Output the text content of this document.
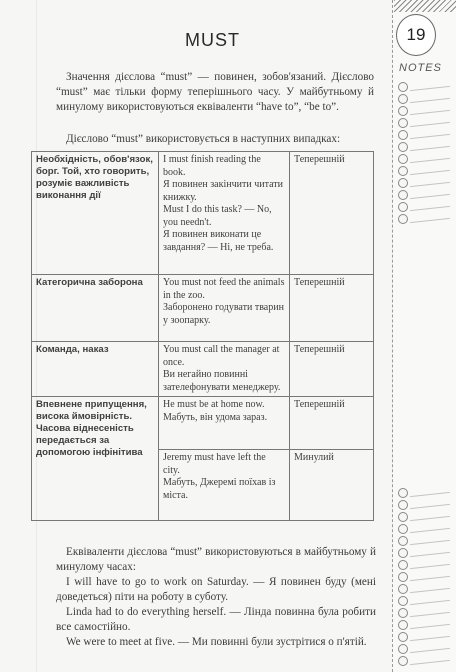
MUST
Значення дієслова “must” — повинен, зобов'язаний. Дієслово “must” має тільки форму теперішнього часу. У майбутньому й минулому використовуються еквіваленти “have to”, “be to”.
Дієслово “must” використовується в наступних випадках:
Необхідність, обов'язок, борг. Той, хто говорить, розуміє важливість виконання дії	I must finish reading the book.
Я повинен закінчити читати книжку.
Must I do this task? — No, you needn't.
Я повинен виконати це завдання? — Ні, не треба.	Теперешній
Категорична заборона	You must not feed the animals in the zoo.
Заборонено годувати тварин у зоопарку.	Теперешній
Команда, наказ	You must call the manager at once.
Ви негайно повинні зателефонувати менеджеру.	Теперешній
Впевнене припущення, висока ймовірність. Часова віднесеність передається за допомогою інфінітива	He must be at home now.
Мабуть, він удома зараз.	Теперешній

	Jeremy must have left the city.
Мабуть, Джеремі поїхав із міста.	Минулий
Еквіваленти дієслова “must” використовуються в майбутньому й минулому часах:
I will have to go to work on Saturday. — Я повинен буду (мені доведеться) піти на роботу в суботу.
Linda had to do everything herself. — Лінда повинна була робити все самостійно.
We were to meet at five. — Ми повинні були зустрітися о п'ятій.
19
NOTES
